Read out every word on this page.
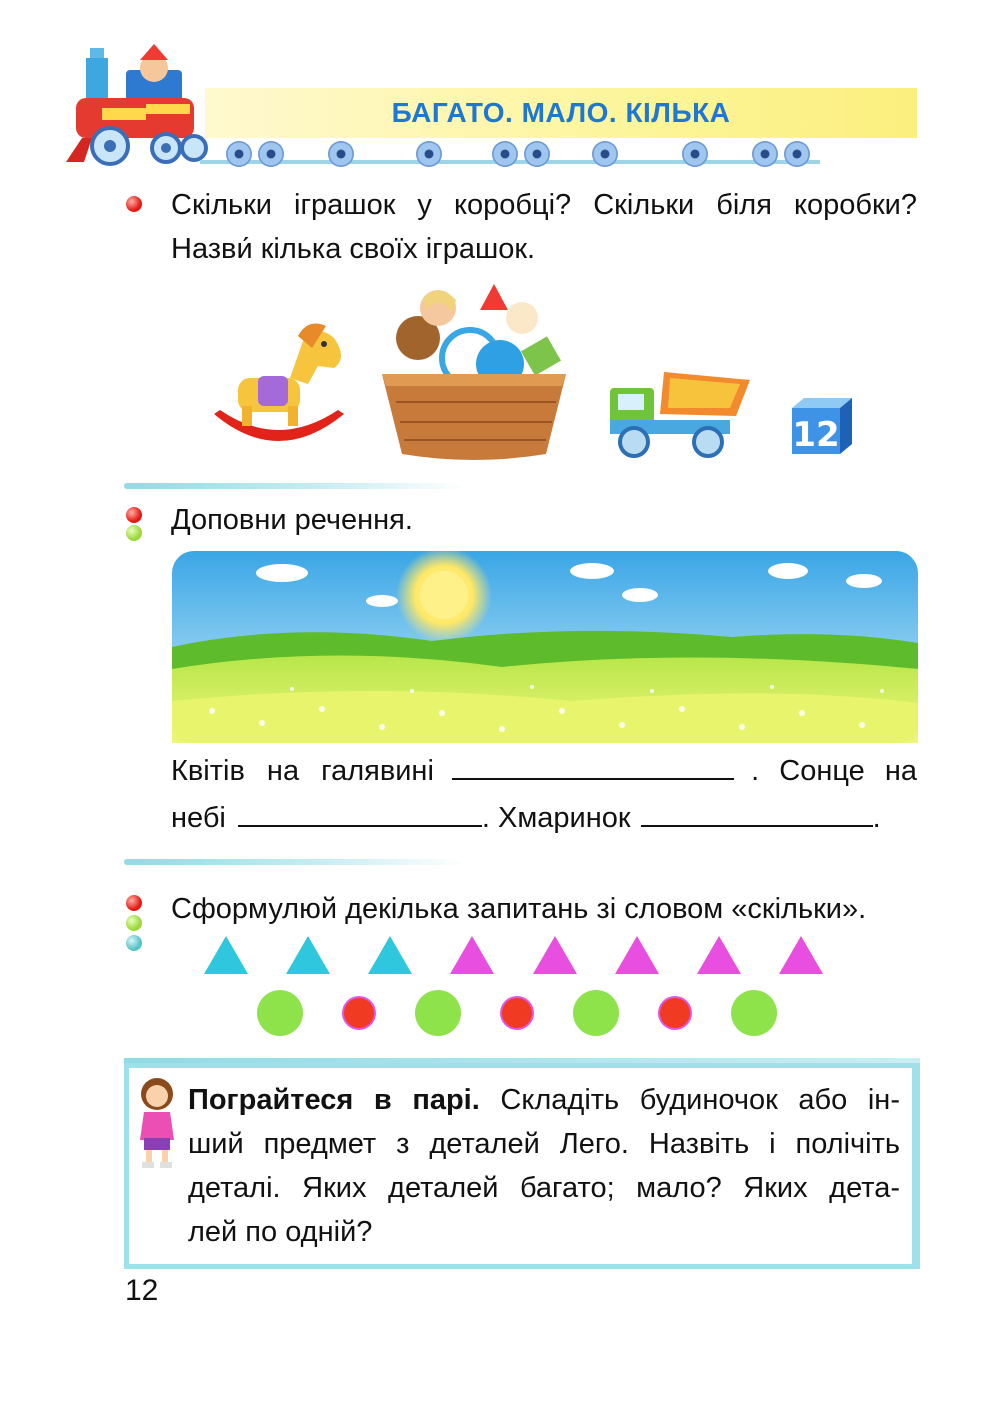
БАГАТО. МАЛО. КІЛЬКА
Скільки іграшок у коробці? Скільки біля коробки?
Назви́ кілька своїх іграшок.
12
Доповни речення.
Квітів на галявині	. Сонце на
небі	. Хмаринок	.
Сформулюй декілька запитань зі словом «скільки».
Пограйтеся в парі. Складіть будиночок або ін-
ший предмет з деталей Лего. Назвіть і полічіть
деталі. Яких деталей багато; мало? Яких дета-
лей по одній?
12
